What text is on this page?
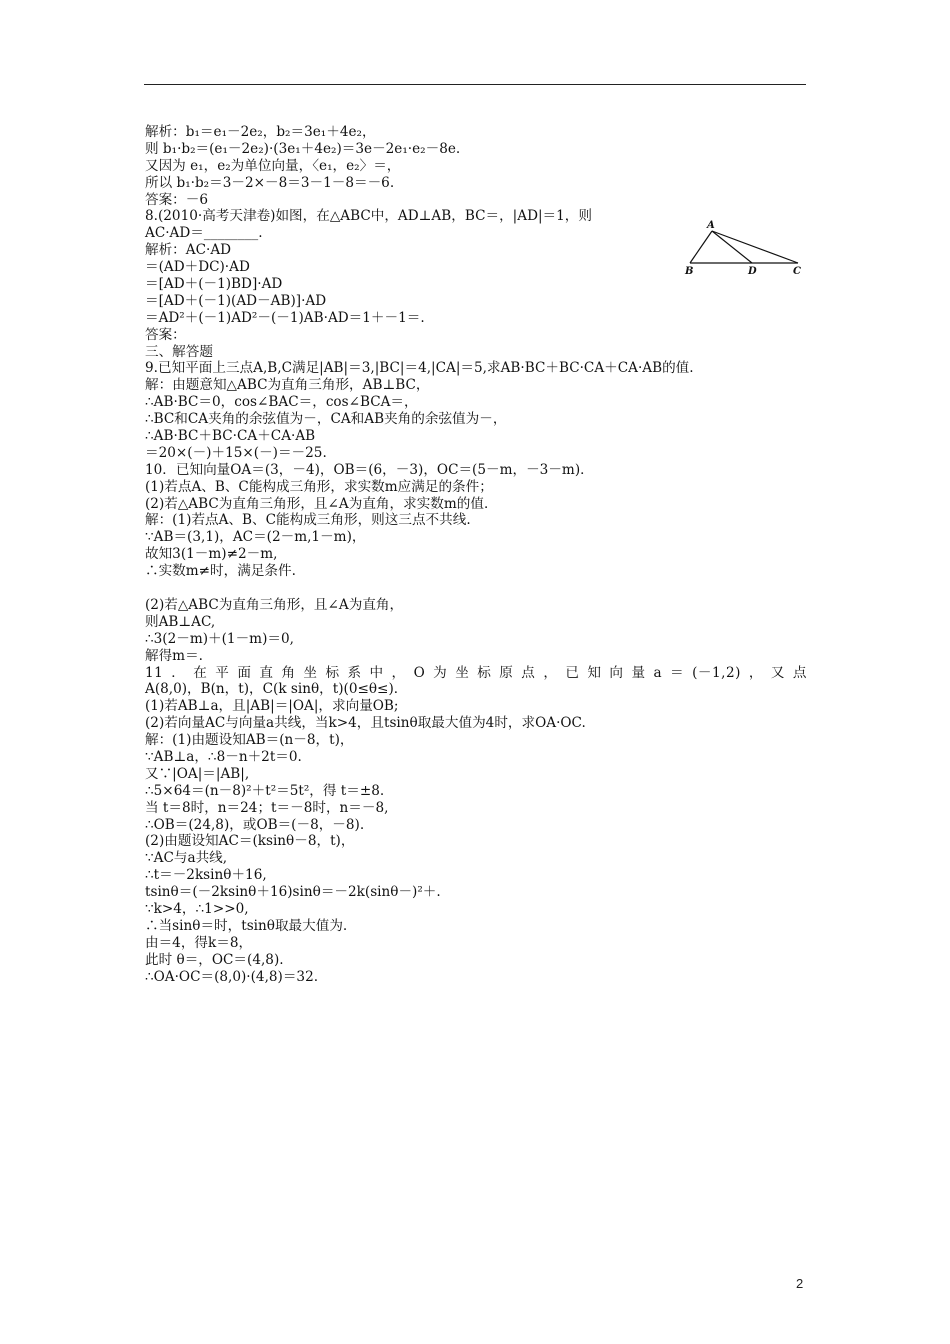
解析：b₁＝e₁－2e₂，b₂＝3e₁＋4e₂，
则 b₁·b₂＝(e₁－2e₂)·(3e₁＋4e₂)＝3e－2e₁·e₂－8e.
又因为 e₁，e₂为单位向量，〈e₁，e₂〉＝，
所以 b₁·b₂＝3－2×－8＝3－1－8＝－6.
答案：－6
8.(2010·高考天津卷)如图，在△ABC中，AD⊥AB，BC＝，|AD|＝1，则
AC·AD＝________.
解析：AC·AD
＝(AD＋DC)·AD
＝[AD＋(－1)BD]·AD
＝[AD＋(－1)(AD－AB)]·AD
＝AD²＋(－1)AD²－(－1)AB·AD＝1＋－1＝.
答案：
三、解答题
9.已知平面上三点A,B,C满足|AB|＝3,|BC|＝4,|CA|＝5,求AB·BC＋BC·CA＋CA·AB的值.
解：由题意知△ABC为直角三角形，AB⊥BC，
∴AB·BC＝0，cos∠BAC＝，cos∠BCA＝，
∴BC和CA夹角的余弦值为－，CA和AB夹角的余弦值为－，
∴AB·BC＋BC·CA＋CA·AB
＝20×(－)＋15×(－)＝－25.
10．已知向量OA＝(3，－4)，OB＝(6，－3)，OC＝(5－m，－3－m)．
(1)若点A、B、C能构成三角形，求实数m应满足的条件；
(2)若△ABC为直角三角形，且∠A为直角，求实数m的值．
解：(1)若点A、B、C能构成三角形，则这三点不共线.
∵AB＝(3,1)，AC＝(2－m,1－m)，
故知3(1－m)≠2－m,
∴实数m≠时，满足条件.
(2)若△ABC为直角三角形，且∠A为直角，
则AB⊥AC,
∴3(2－m)＋(1－m)＝0,
解得m＝.
11．在平面直角坐标系中，O为坐标原点，已知向量a＝(－1,2)，又点
A(8,0)，B(n，t)，C(k sinθ，t)(0≤θ≤)．
(1)若AB⊥a，且|AB|＝|OA|，求向量OB;
(2)若向量AC与向量a共线，当k>4，且tsinθ取最大值为4时，求OA·OC.
解：(1)由题设知AB＝(n－8，t)，
∵AB⊥a，∴8－n＋2t＝0.
又∵|OA|＝|AB|,
∴5×64＝(n－8)²＋t²＝5t²，得 t＝±8.
当 t＝8时，n＝24；t＝－8时，n＝－8,
∴OB＝(24,8)，或OB＝(－8，－8).
(2)由题设知AC＝(ksinθ－8，t)，
∵AC与a共线,
∴t＝－2ksinθ＋16,
tsinθ＝(－2ksinθ＋16)sinθ＝－2k(sinθ－)²＋.
∵k>4，∴1>>0,
∴当sinθ＝时，tsinθ取最大值为.
由＝4，得k＝8，
此时 θ＝，OC＝(4,8).
∴OA·OC＝(8,0)·(4,8)＝32.
A
B	D	C
2
